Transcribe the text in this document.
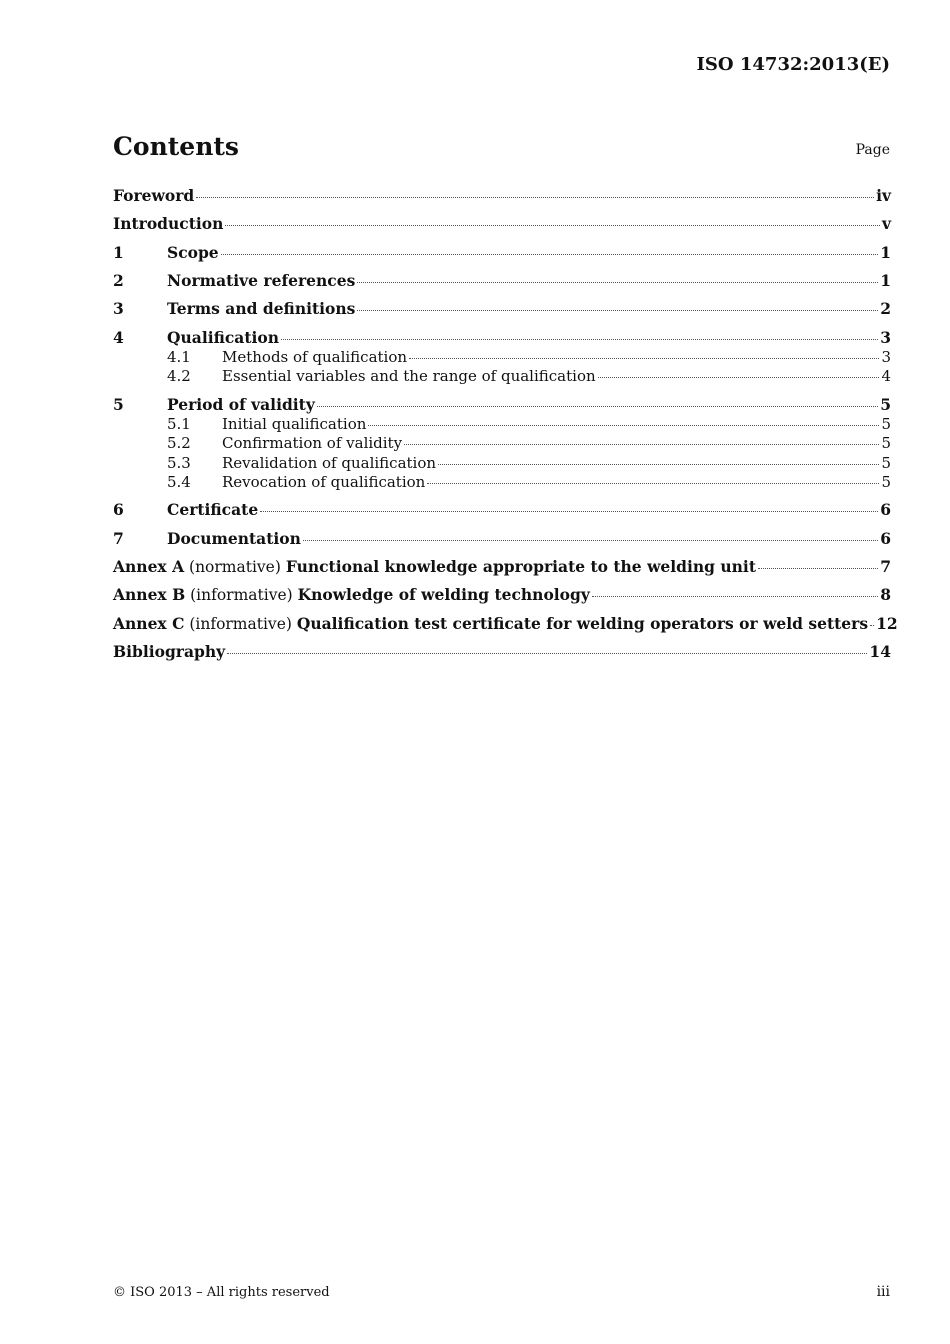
ISO 14732:2013(E)
Contents	Page
Foreword	iv
Introduction	v
1	Scope	1
2	Normative references	1
3	Terms and definitions	2
4	Qualification	3
4.1	Methods of qualification	3
4.2	Essential variables and the range of qualification	4
5	Period of validity	5
5.1	Initial qualification	5
5.2	Confirmation of validity	5
5.3	Revalidation of qualification	5
5.4	Revocation of qualification	5
6	Certificate	6
7	Documentation	6
Annex A (normative) Functional knowledge appropriate to the welding unit	7
Annex B (informative) Knowledge of welding technology	8
Annex C (informative) Qualification test certificate for welding operators or weld setters 12
Bibliography	14
© ISO 2013 – All rights reserved	iii
